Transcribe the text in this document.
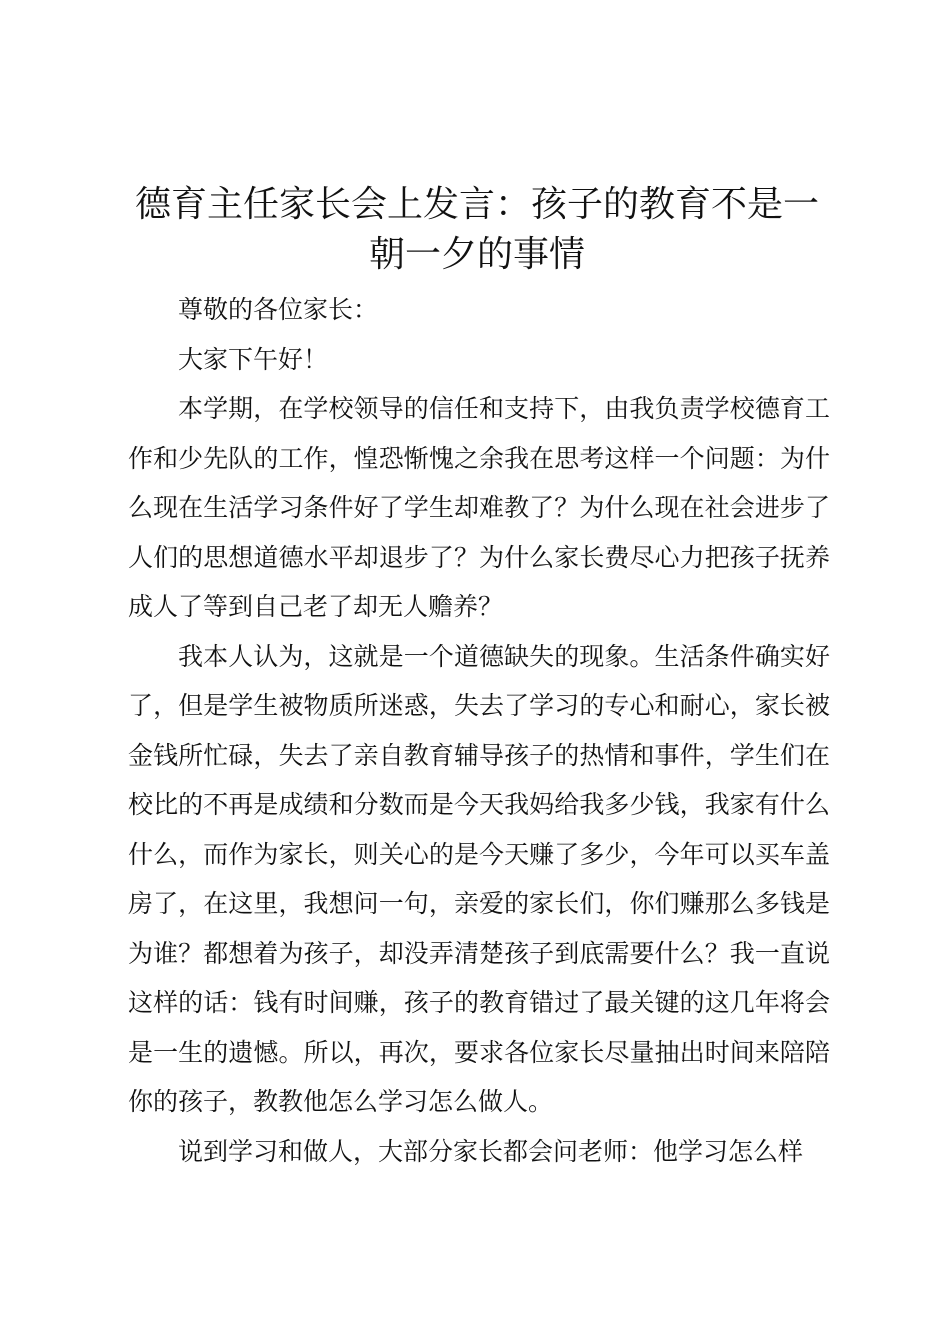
德育主任家长会上发言：孩子的教育不是一朝一夕的事情

尊敬的各位家长：

大家下午好！

本学期，在学校领导的信任和支持下，由我负责学校德育工作和少先队的工作，惶恐惭愧之余我在思考这样一个问题：为什么现在生活学习条件好了学生却难教了？为什么现在社会进步了人们的思想道德水平却退步了？为什么家长费尽心力把孩子抚养成人了等到自己老了却无人赡养？

我本人认为，这就是一个道德缺失的现象。生活条件确实好了，但是学生被物质所迷惑，失去了学习的专心和耐心，家长被金钱所忙碌，失去了亲自教育辅导孩子的热情和事件，学生们在校比的不再是成绩和分数而是今天我妈给我多少钱，我家有什么什么，而作为家长，则关心的是今天赚了多少，今年可以买车盖房了，在这里，我想问一句，亲爱的家长们，你们赚那么多钱是为谁？都想着为孩子，却没弄清楚孩子到底需要什么？我一直说这样的话：钱有时间赚，孩子的教育错过了最关键的这几年将会是一生的遗憾。所以，再次，要求各位家长尽量抽出时间来陪陪你的孩子，教教他怎么学习怎么做人。

说到学习和做人，大部分家长都会问老师：他学习怎么样
